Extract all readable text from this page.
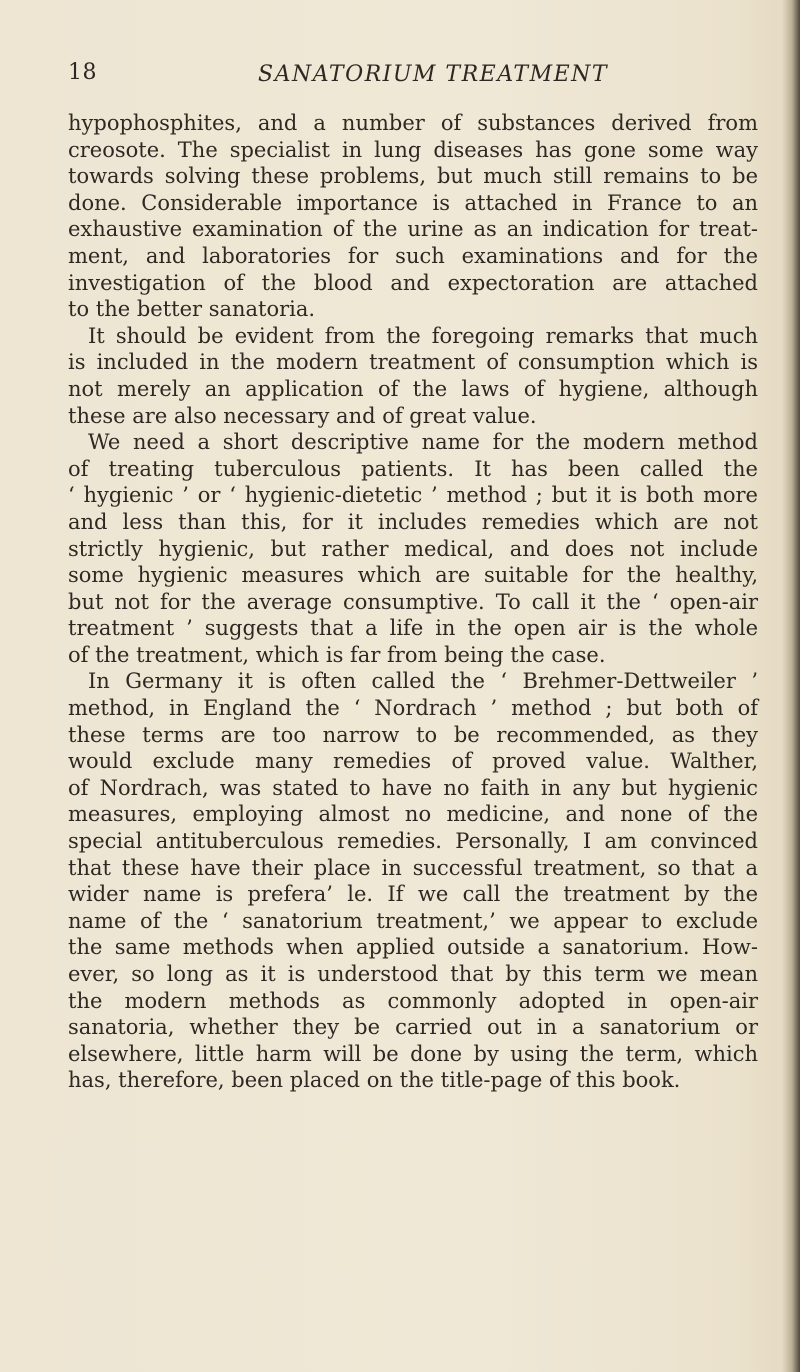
18	SANATORIUM TREATMENT
hypophosphites, and a number of substances derived from
creosote. The specialist in lung diseases has gone some way
towards solving these problems, but much still remains to be
done. Considerable importance is attached in France to an
exhaustive examination of the urine as an indication for treat-
ment, and laboratories for such examinations and for the
investigation of the blood and expectoration are attached
to the better sanatoria.
It should be evident from the foregoing remarks that much
is included in the modern treatment of consumption which is
not merely an application of the laws of hygiene, although
these are also necessary and of great value.
We need a short descriptive name for the modern method
of treating tuberculous patients. It has been called the
‘ hygienic ’ or ‘ hygienic-dietetic ’ method ; but it is both more
and less than this, for it includes remedies which are not
strictly hygienic, but rather medical, and does not include
some hygienic measures which are suitable for the healthy,
but not for the average consumptive. To call it the ‘ open-air
treatment ’ suggests that a life in the open air is the whole
of the treatment, which is far from being the case.
In Germany it is often called the ‘ Brehmer-Dettweiler ’
method, in England the ‘ Nordrach ’ method ; but both of
these terms are too narrow to be recommended, as they
would exclude many remedies of proved value. Walther,
of Nordrach, was stated to have no faith in any but hygienic
measures, employing almost no medicine, and none of the
special antituberculous remedies. Personally, I am convinced
that these have their place in successful treatment, so that a
wider name is prefera’ le. If we call the treatment by the
name of the ‘ sanatorium treatment,’ we appear to exclude
the same methods when applied outside a sanatorium. How-
ever, so long as it is understood that by this term we mean
the modern methods as commonly adopted in open-air
sanatoria, whether they be carried out in a sanatorium or
elsewhere, little harm will be done by using the term, which
has, therefore, been placed on the title-page of this book.
